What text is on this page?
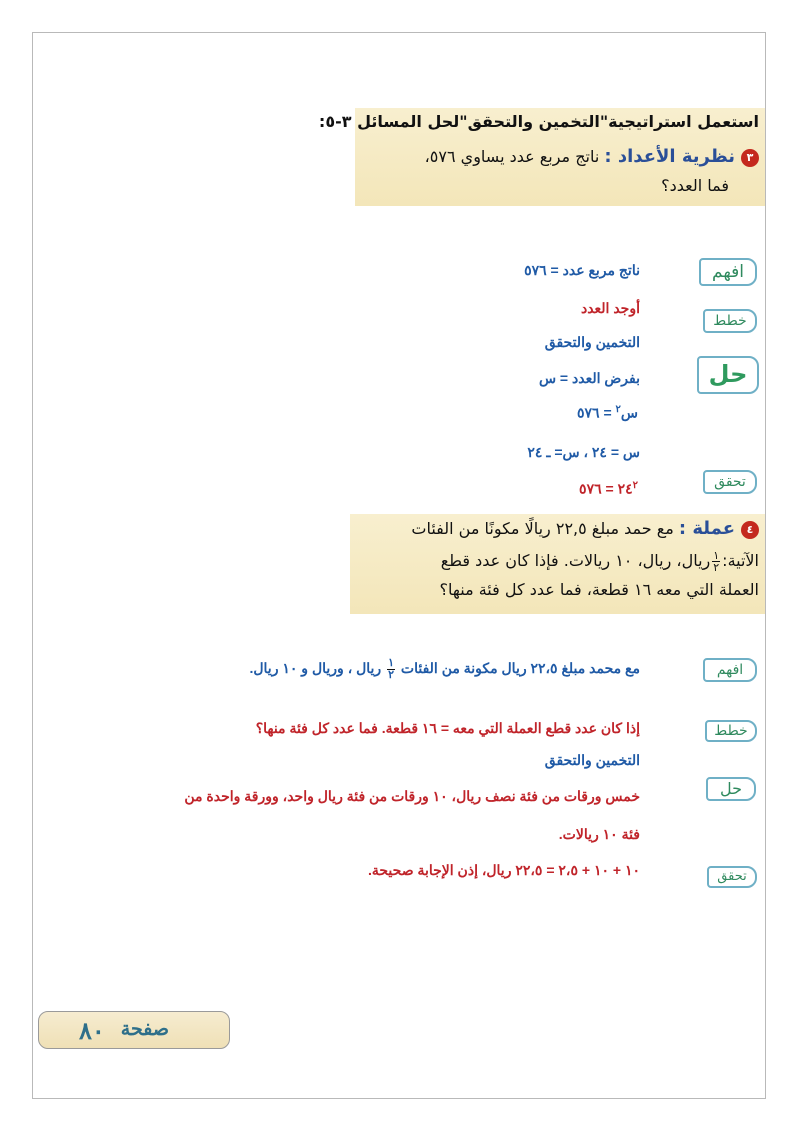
استعمل استراتيجية"التخمين والتحقق"لحل المسائل ٣-٥:
٣نظرية الأعداد : ناتج مربع عدد يساوي ٥٧٦،
فما العدد؟
افهم
خطط
حل
تحقق
ناتج مربع عدد = ٥٧٦
أوجد العدد
التخمين والتحقق
بفرض العدد = س
س$^٢$ = ٥٧٦
س = ٢٤ ، س= ـ ٢٤
$٢٤^٢$ = ٥٧٦
٤عملة : مع حمد مبلغ ٢٢,٥ ريالًا مكونًا من الفئات
الآتية:
$\frac{١}{٢}$
ريال، ريال، ١٠ ريالات. فإذا كان عدد قطع
العملة التي معه ١٦ قطعة، فما عدد كل فئة منها؟
افهم
خطط
حل
تحقق
مع محمد مبلغ ٢٢،٥ ريال مكونة من الفئات
$\frac{١}{٢}$
ريال ، وريال و ١٠ ريال.
إذا كان عدد قطع العملة التي معه = ١٦ قطعة. فما عدد كل فئة منها؟
التخمين والتحقق
خمس ورقات من فئة نصف ريال، ١٠ ورقات من فئة ريال واحد، وورقة واحدة من
فئة ١٠ ريالات.
١٠ + ١٠ + ٢،٥ = ٢٢،٥ ريال، إذن الإجابة صحيحة.
صفحة
٨٠
